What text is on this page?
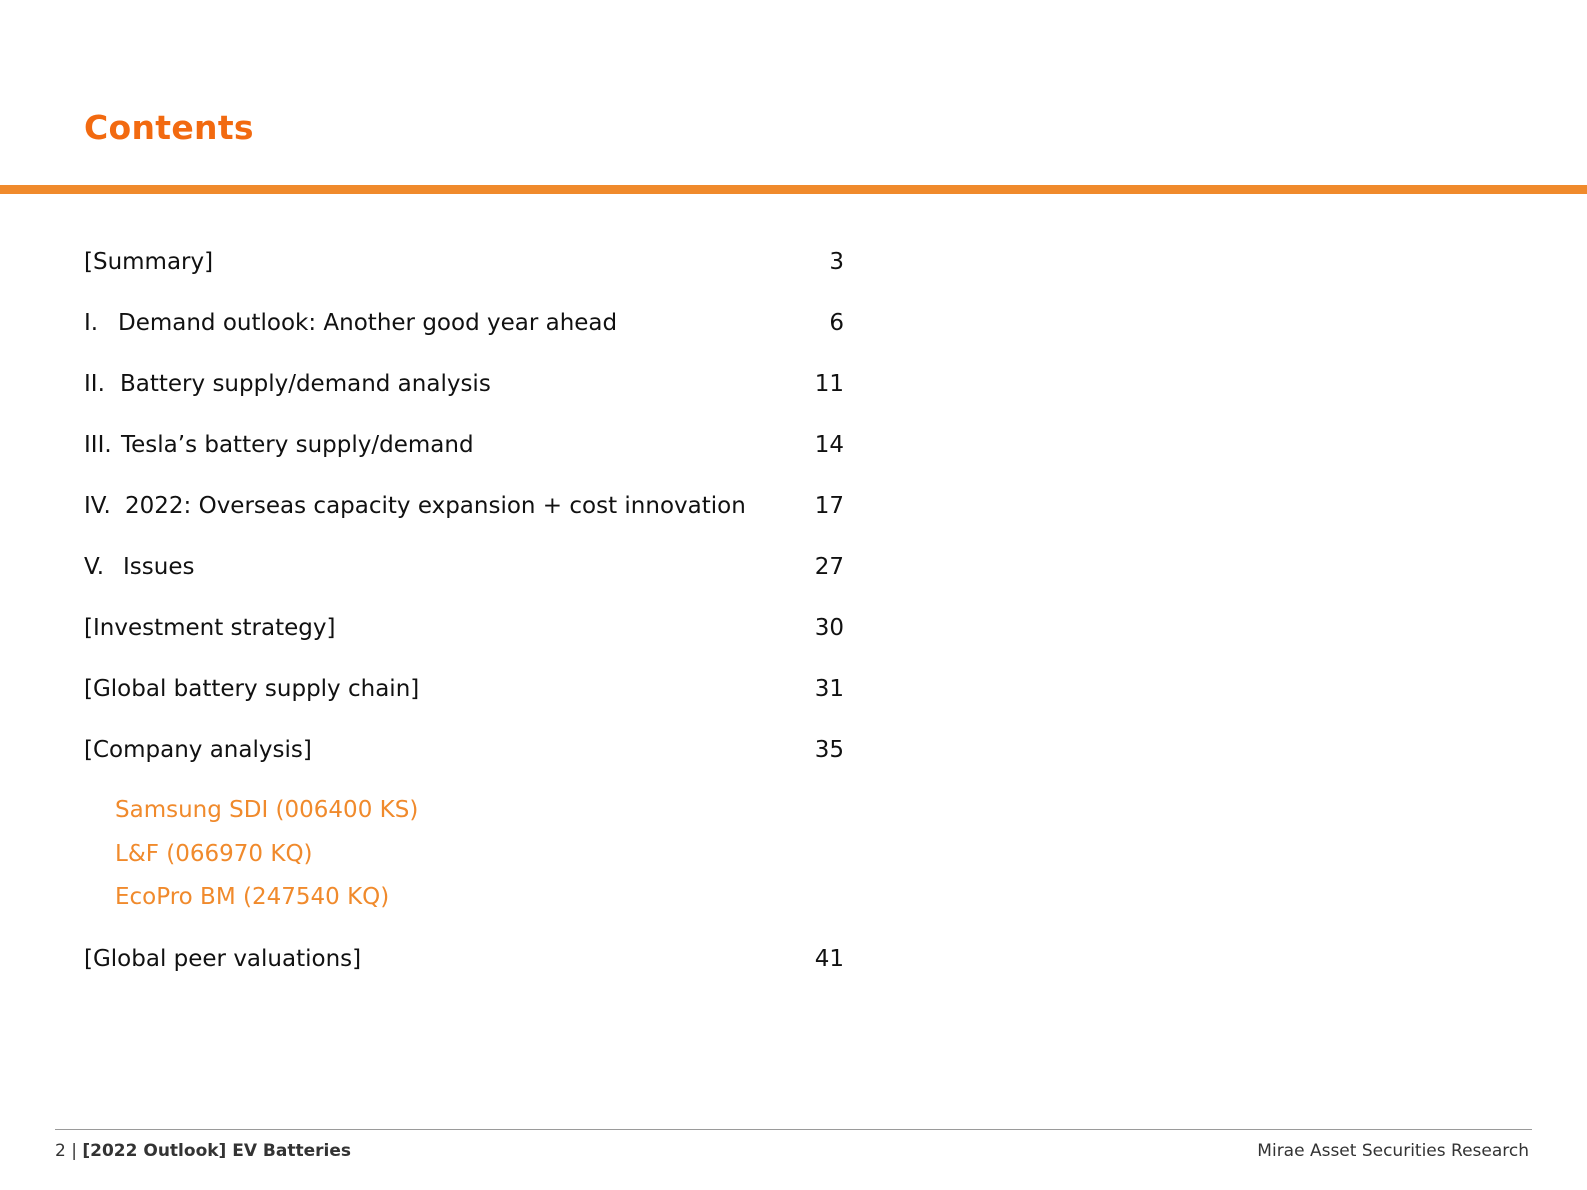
Contents
[Summary]	3
I. Demand outlook: Another good year ahead	6
II. Battery supply/demand analysis	11
III. Tesla’s battery supply/demand	14
IV. 2022: Overseas capacity expansion + cost innovation	17
V. Issues	27
[Investment strategy]	30
[Global battery supply chain]	31
[Company analysis]	35
Samsung SDI (006400 KS)
L&F (066970 KQ)
EcoPro BM (247540 KQ)
[Global peer valuations]	41
2 | [2022 Outlook] EV Batteries	Mirae Asset Securities Research
